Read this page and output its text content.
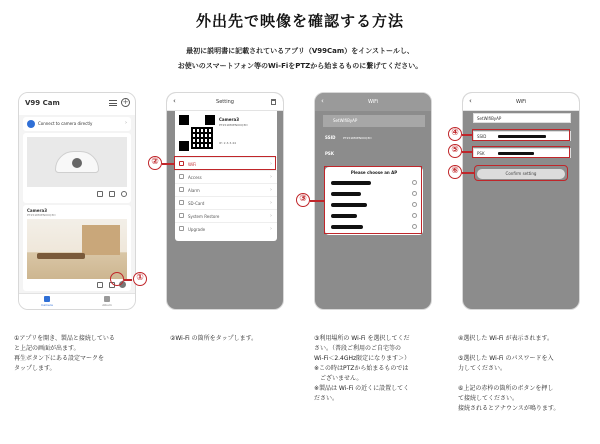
外出先で映像を確認する方法
最初に説明書に記載されているアプリ（V99Cam）をインストールし、
お使いのスマートフォン等のWi-FiをPTZから始まるものに繋げてください。
V99 Cam	+
Connect to camera directly	›
Camera3
PTZ19M0EN00Q3D
Camera	Album
‹	Setting
Camera3
PTZ19M0EN00Q3D
IP: 2.3.3.44
WiFi	›
Access	›
Alarm	›
SD-Card	›
System Restore	›
Upgrade	›
‹	WiFi
SetWifiByAP
SSID	PTZ19M0EN00Q3D
PSK
Please choose an AP
‹	WiFi
SetWifiByAP
SSID
PSK
Confirm setting
①
②
③
④
⑤
⑥
①アプリを開き、製品と接続している
と上記の画面が出ます。
再生ボタン下にある設定マークを
タップします。
②Wi-Fi の箇所をタップします。	③利用場所の Wi-Fi を選択してくだ
さい。（普段ご利用のご自宅等の
Wi-Fi＜2.4GHz限定になります＞）
※この時はPTZから始まるものでは
　ございません。
※製品は Wi-Fi の近くに設置してく
ださい。
④選択した Wi-Fi が表示されます。
⑤選択した Wi-Fi のパスワードを入
力してください。
⑥上記の赤枠の箇所のボタンを押し
て接続してください。
接続されるとアナウンスが鳴ります。
